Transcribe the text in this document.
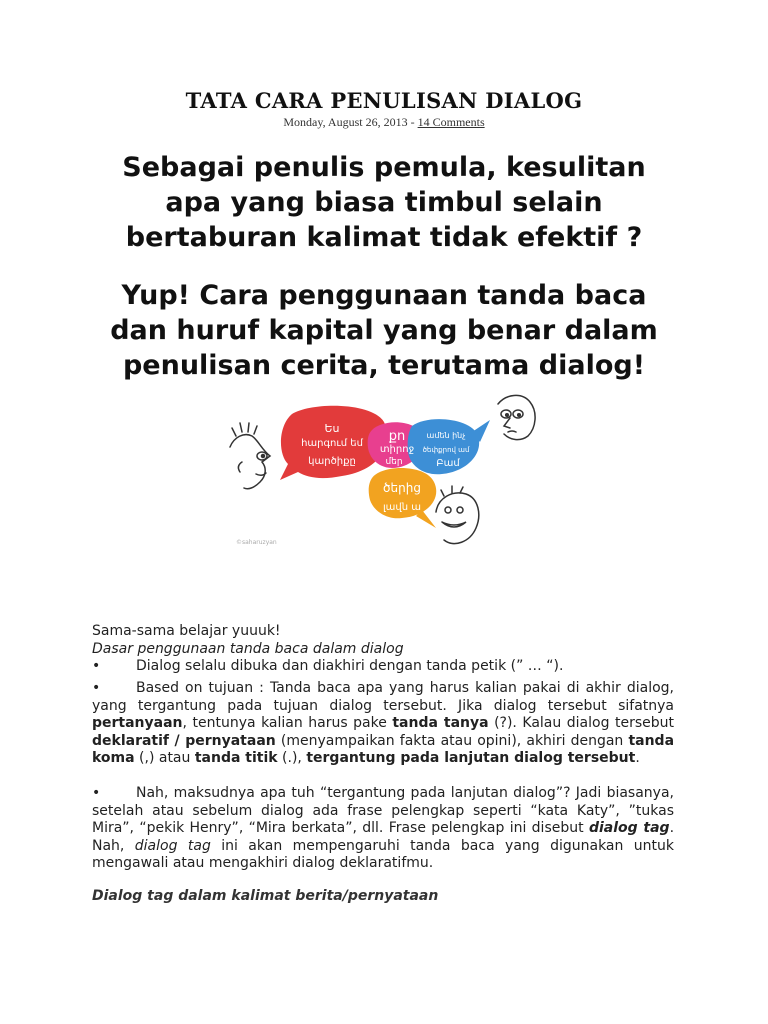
TATA CARA PENULISAN DIALOG
Monday, August 26, 2013 - 14 Comments
Sebagai penulis pemula, kesulitan
apa yang biasa timbul selain
bertaburan kalimat tidak efektif ?
Yup! Cara penggunaan tanda baca
dan huruf kapital yang benar dalam
penulisan cerita, terutama dialog!
Ես
hարգում եմ
կարծիքը
քո
տիրոջ
մեր
ամեն ինչ
ծեփքրով ամ
Բամ
ծերից
լավն ա
©saharuzyan
Sama-sama belajar yuuuk!
Dasar penggunaan tanda baca dalam dialog
•	Dialog selalu dibuka dan diakhiri dengan tanda petik (” … “).
•	Based on tujuan : Tanda baca apa yang harus kalian pakai di akhir dialog, yang tergantung pada tujuan dialog tersebut. Jika dialog tersebut sifatnya pertanyaan, tentunya kalian harus pake tanda tanya (?). Kalau dialog tersebut deklaratif / pernyataan (menyampaikan fakta atau opini), akhiri dengan tanda koma (,) atau tanda titik (.), tergantung pada lanjutan dialog tersebut.
•	Nah, maksudnya apa tuh “tergantung pada lanjutan dialog”? Jadi biasanya, setelah atau sebelum dialog ada frase pelengkap seperti “kata Katy”, ”tukas Mira”, “pekik Henry”, “Mira berkata”, dll. Frase pelengkap ini disebut dialog tag. Nah, dialog tag ini akan mempengaruhi tanda baca yang digunakan untuk mengawali atau mengakhiri dialog deklaratifmu.
Dialog tag dalam kalimat berita/pernyataan
